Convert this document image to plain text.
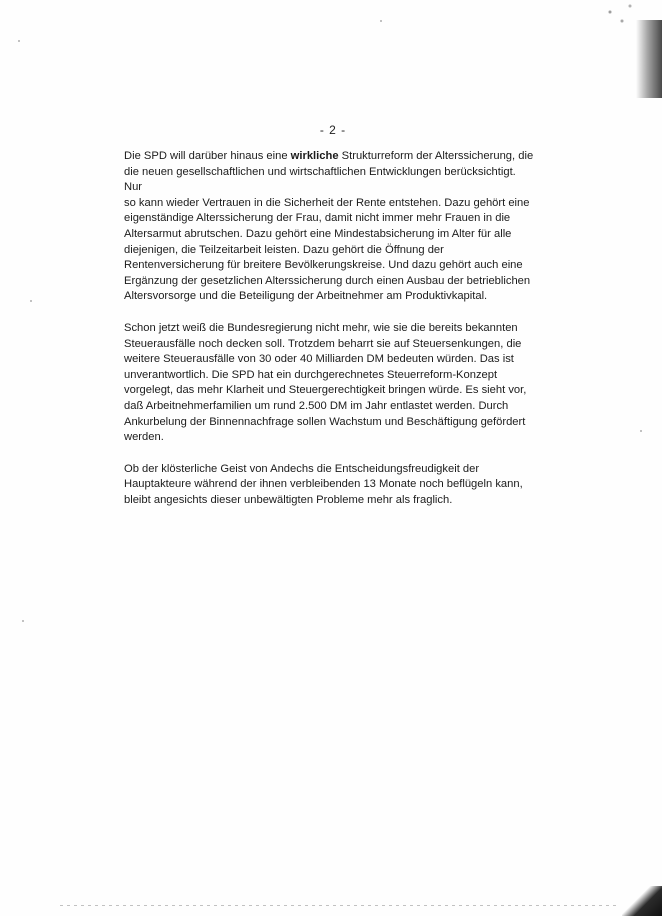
- 2 -

Die SPD will darüber hinaus eine wirkliche Strukturreform der Alterssicherung, die
die neuen gesellschaftlichen und wirtschaftlichen Entwicklungen berücksichtigt. Nur
so kann wieder Vertrauen in die Sicherheit der Rente entstehen. Dazu gehört eine
eigenständige Alterssicherung der Frau, damit nicht immer mehr Frauen in die
Altersarmut abrutschen. Dazu gehört eine Mindestabsicherung im Alter für alle
diejenigen, die Teilzeitarbeit leisten. Dazu gehört die Öffnung der
Rentenversicherung für breitere Bevölkerungskreise. Und dazu gehört auch eine
Ergänzung der gesetzlichen Alterssicherung durch einen Ausbau der betrieblichen
Altersvorsorge und die Beteiligung der Arbeitnehmer am Produktivkapital.

Schon jetzt weiß die Bundesregierung nicht mehr, wie sie die bereits bekannten
Steuerausfälle noch decken soll. Trotzdem beharrt sie auf Steuersenkungen, die
weitere Steuerausfälle von 30 oder 40 Milliarden DM bedeuten würden. Das ist
unverantwortlich. Die SPD hat ein durchgerechnetes Steuerreform-Konzept
vorgelegt, das mehr Klarheit und Steuergerechtigkeit bringen würde. Es sieht vor,
daß Arbeitnehmerfamilien um rund 2.500 DM im Jahr entlastet werden. Durch
Ankurbelung der Binnennachfrage sollen Wachstum und Beschäftigung gefördert
werden.

Ob der klösterliche Geist von Andechs die Entscheidungsfreudigkeit der
Hauptakteure während der ihnen verbleibenden 13 Monate noch beflügeln kann,
bleibt angesichts dieser unbewältigten Probleme mehr als fraglich.
